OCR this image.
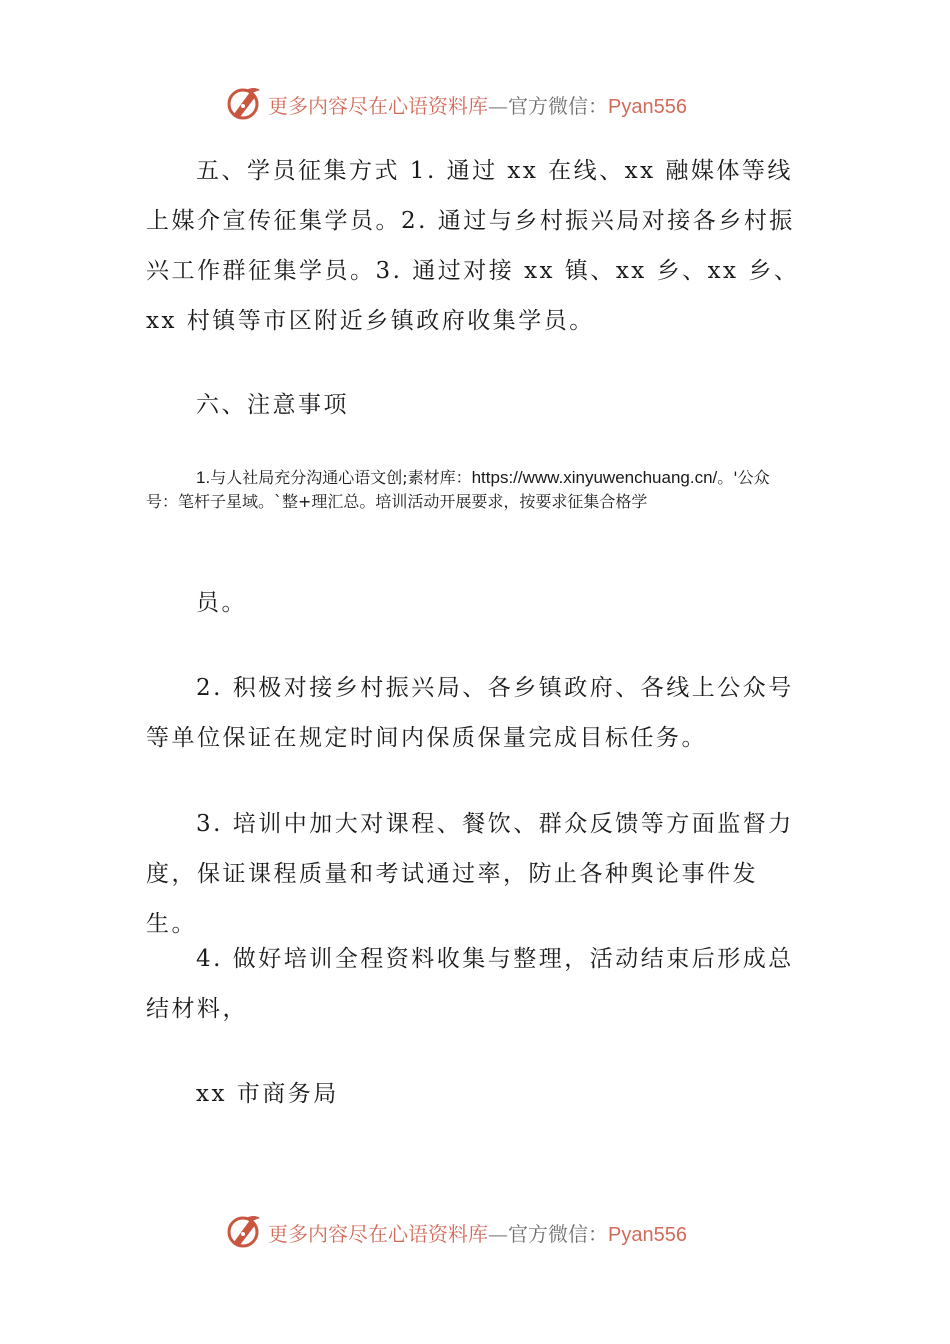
更多内容尽在心语资料库—官方微信：Pyan556

五、学员征集方式 1. 通过 xx 在线、xx 融媒体等线上媒介宣传征集学员。2. 通过与乡村振兴局对接各乡村振兴工作群征集学员。3. 通过对接 xx 镇、xx 乡、xx 乡、xx 村镇等市区附近乡镇政府收集学员。

六、注意事项

1.与人社局充分沟通心语文创;素材库：https://www.xinyuwenchuang.cn/。'公众号：笔杆子星域。`整+理汇总。培训活动开展要求，按要求征集合格学

员。

2. 积极对接乡村振兴局、各乡镇政府、各线上公众号等单位保证在规定时间内保质保量完成目标任务。

3. 培训中加大对课程、餐饮、群众反馈等方面监督力度，保证课程质量和考试通过率，防止各种舆论事件发生。

4. 做好培训全程资料收集与整理，活动结束后形成总结材料，

xx 市商务局

更多内容尽在心语资料库—官方微信：Pyan556
